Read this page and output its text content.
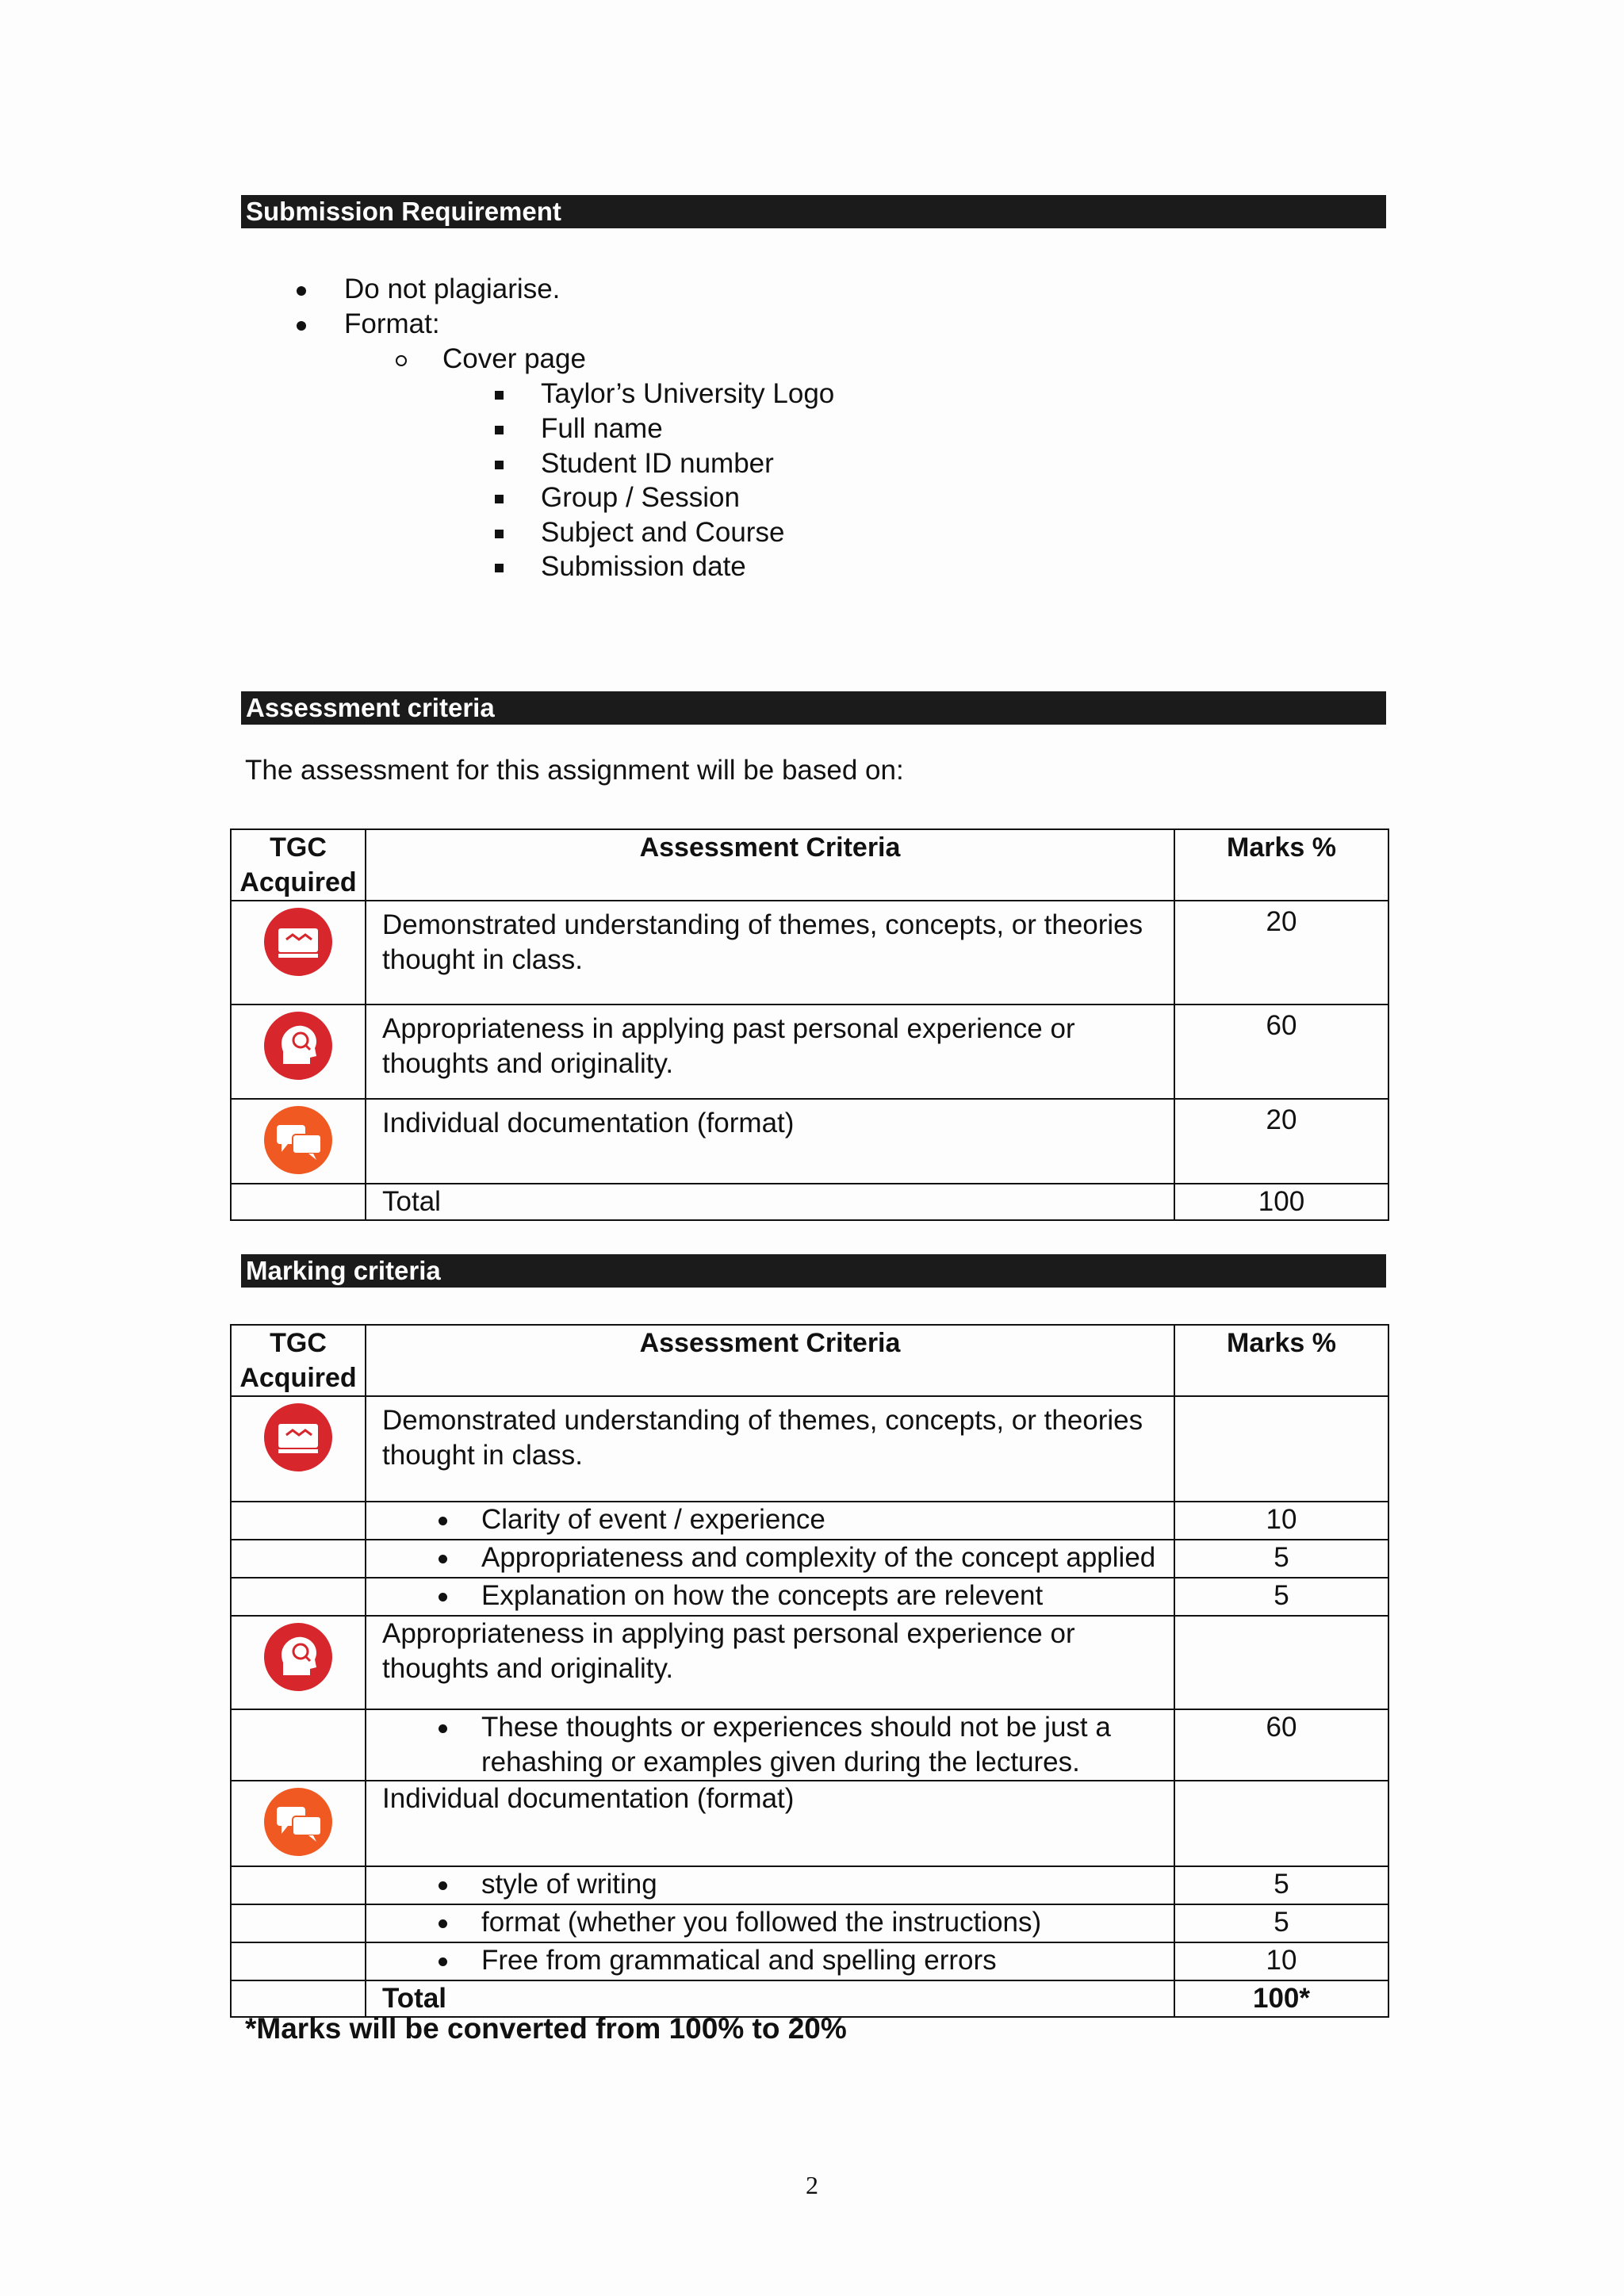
Submission Requirement
Do not plagiarise.
Format:
Cover page
Taylor’s University Logo
Full name
Student ID number
Group / Session
Subject and Course
Submission date
Assessment criteria
The assessment for this assignment will be based on:
TGC Acquired	Assessment Criteria	Marks %

Demonstrated understanding of themes, concepts, or theories thought in class.	20

Appropriateness in applying past personal experience or thoughts and originality.	60

Individual documentation (format)	20

	Total	100
Marking criteria
TGC Acquired	Assessment Criteria	Marks %

Demonstrated understanding of themes, concepts, or theories thought in class.	

Clarity of event / experience	10

Appropriateness and complexity of the concept applied	5

Explanation on how the concepts are relevent	5

Appropriateness in applying past personal experience or thoughts and originality.	

These thoughts or experiences should not be just a rehashing or examples given during the lectures.	60

Individual documentation (format)	

style of writing	5

format (whether you followed the instructions)	5

Free from grammatical and spelling errors	10

	Total	100*
*Marks will be converted from 100% to 20%
2
